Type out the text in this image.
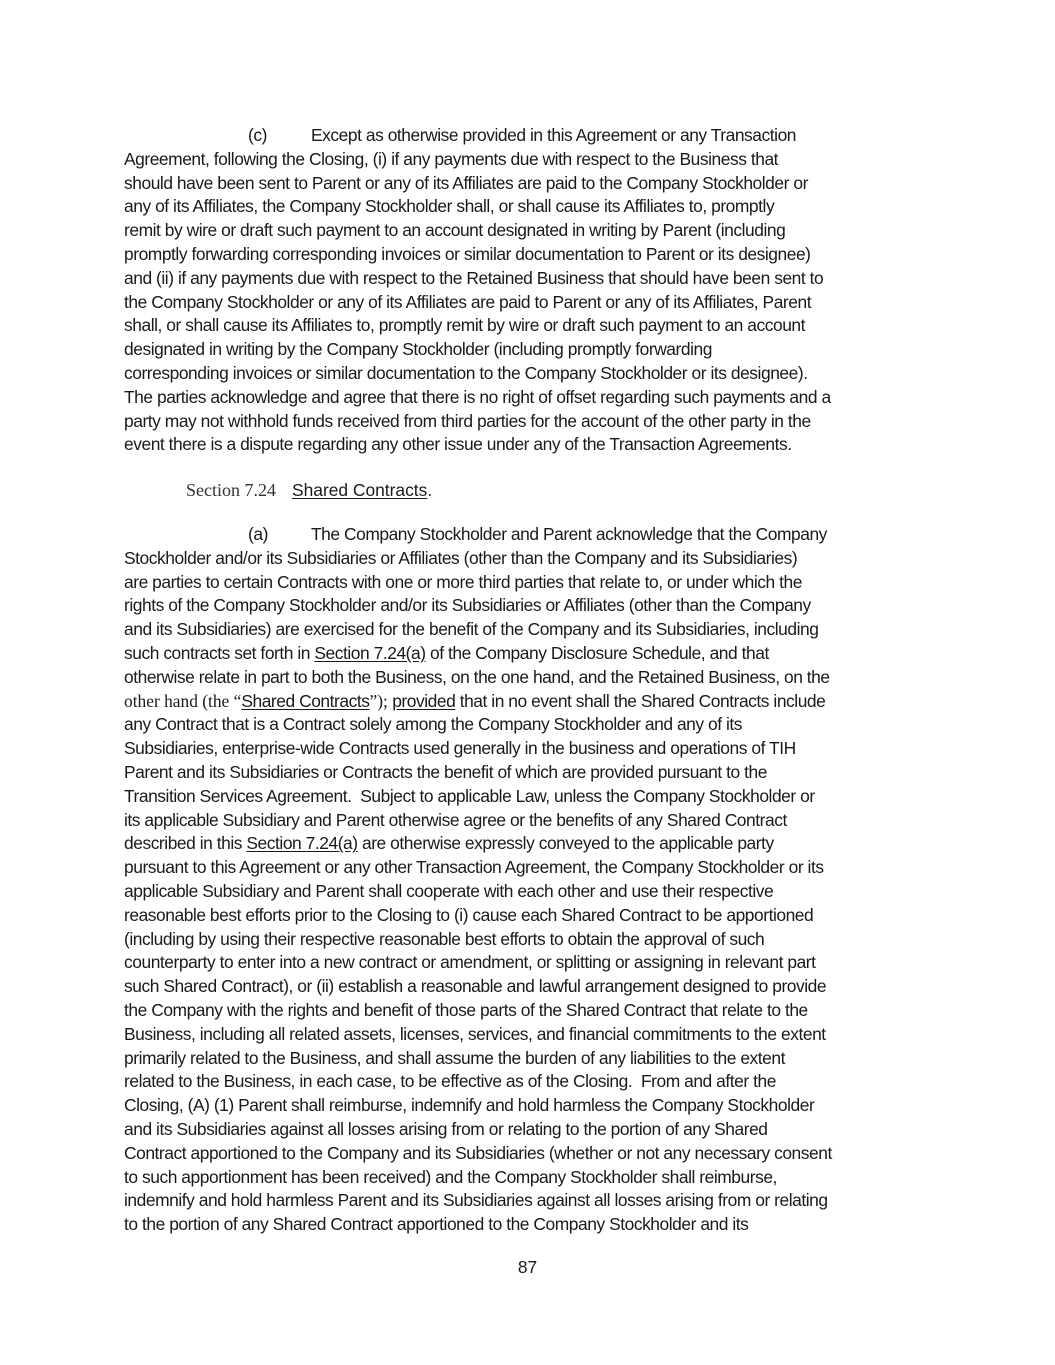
(c)	Except as otherwise provided in this Agreement or any Transaction
Agreement, following the Closing, (i) if any payments due with respect to the Business that
should have been sent to Parent or any of its Affiliates are paid to the Company Stockholder or
any of its Affiliates, the Company Stockholder shall, or shall cause its Affiliates to, promptly
remit by wire or draft such payment to an account designated in writing by Parent (including
promptly forwarding corresponding invoices or similar documentation to Parent or its designee)
and (ii) if any payments due with respect to the Retained Business that should have been sent to
the Company Stockholder or any of its Affiliates are paid to Parent or any of its Affiliates, Parent
shall, or shall cause its Affiliates to, promptly remit by wire or draft such payment to an account
designated in writing by the Company Stockholder (including promptly forwarding
corresponding invoices or similar documentation to the Company Stockholder or its designee).
The parties acknowledge and agree that there is no right of offset regarding such payments and a
party may not withhold funds received from third parties for the account of the other party in the
event there is a dispute regarding any other issue under any of the Transaction Agreements.
Section 7.24 Shared Contracts.
(a) The Company Stockholder and Parent acknowledge that the Company
Stockholder and/or its Subsidiaries or Affiliates (other than the Company and its Subsidiaries)
are parties to certain Contracts with one or more third parties that relate to, or under which the
rights of the Company Stockholder and/or its Subsidiaries or Affiliates (other than the Company
and its Subsidiaries) are exercised for the benefit of the Company and its Subsidiaries, including
such contracts set forth in Section 7.24(a) of the Company Disclosure Schedule, and that
otherwise relate in part to both the Business, on the one hand, and the Retained Business, on the
other hand (the “Shared Contracts”); provided that in no event shall the Shared Contracts include
any Contract that is a Contract solely among the Company Stockholder and any of its
Subsidiaries, enterprise-wide Contracts used generally in the business and operations of TIH
Parent and its Subsidiaries or Contracts the benefit of which are provided pursuant to the
Transition Services Agreement.  Subject to applicable Law, unless the Company Stockholder or
its applicable Subsidiary and Parent otherwise agree or the benefits of any Shared Contract
described in this Section 7.24(a) are otherwise expressly conveyed to the applicable party
pursuant to this Agreement or any other Transaction Agreement, the Company Stockholder or its
applicable Subsidiary and Parent shall cooperate with each other and use their respective
reasonable best efforts prior to the Closing to (i) cause each Shared Contract to be apportioned
(including by using their respective reasonable best efforts to obtain the approval of such
counterparty to enter into a new contract or amendment, or splitting or assigning in relevant part
such Shared Contract), or (ii) establish a reasonable and lawful arrangement designed to provide
the Company with the rights and benefit of those parts of the Shared Contract that relate to the
Business, including all related assets, licenses, services, and financial commitments to the extent
primarily related to the Business, and shall assume the burden of any liabilities to the extent
related to the Business, in each case, to be effective as of the Closing.  From and after the
Closing, (A) (1) Parent shall reimburse, indemnify and hold harmless the Company Stockholder
and its Subsidiaries against all losses arising from or relating to the portion of any Shared
Contract apportioned to the Company and its Subsidiaries (whether or not any necessary consent
to such apportionment has been received) and the Company Stockholder shall reimburse,
indemnify and hold harmless Parent and its Subsidiaries against all losses arising from or relating
to the portion of any Shared Contract apportioned to the Company Stockholder and its
87
